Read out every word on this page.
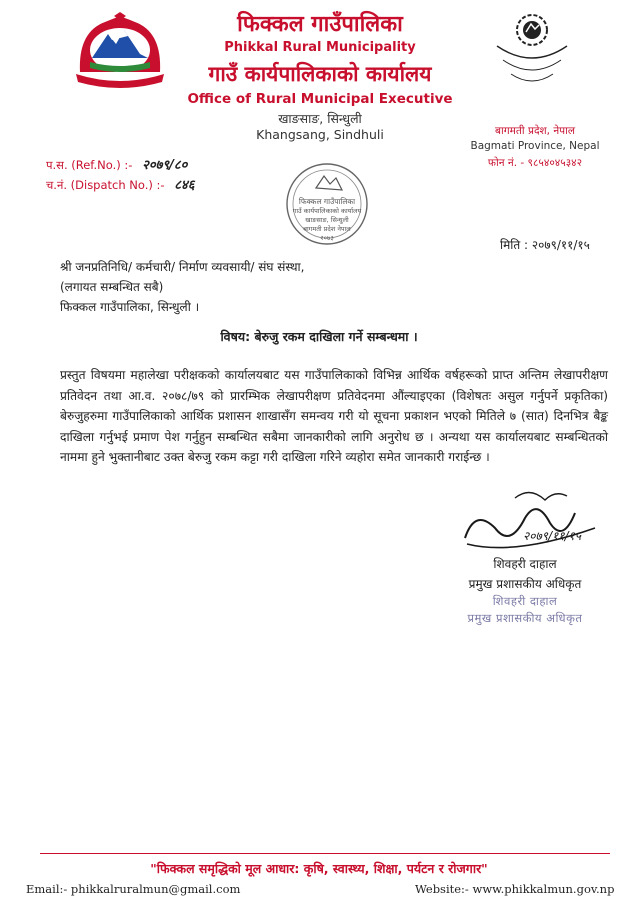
फिक्कल गाउँपालिका
Phikkal Rural Municipality
गाउँ कार्यपालिकाको कार्यालय
Office of Rural Municipal Executive
खाङसाङ, सिन्धुली
Khangsang, Sindhuli	बागमती प्रदेश, नेपाल
Bagmati Province, Nepal
फोन नं. - ९८५४०४५३४२
प.स. (Ref.No.) :- २०७९/८०
च.नं. (Dispatch No.) :- ८४६
फिक्कल गाउँपालिका
गाउँ कार्यपालिकाको कार्यालय
खाङसाङ, सिन्धुली
बागमती प्रदेश नेपाल
२०७३	मिति : २०७९/११/१५
श्री जनप्रतिनिधि/ कर्मचारी/ निर्माण व्यवसायी/ संघ संस्था,
(लगायत सम्बन्धित सबै)
फिक्कल गाउँपालिका, सिन्धुली ।
विषय: बेरुजु रकम दाखिला गर्ने सम्बन्धमा ।

प्रस्तुत विषयमा महालेखा परीक्षकको कार्यालयबाट यस गाउँपालिकाको विभिन्न आर्थिक वर्षहरूको प्राप्त अन्तिम लेखापरीक्षण प्रतिवेदन तथा आ.व. २०७८/७९ को प्रारम्भिक लेखापरीक्षण प्रतिवेदनमा औंल्याइएका (विशेषतः असुल गर्नुपर्ने प्रकृतिका) बेरुजुहरुमा गाउँपालिकाको आर्थिक प्रशासन शाखासँग समन्वय गरी यो सूचना प्रकाशन भएको मितिले ७ (सात) दिनभित्र बैङ्क दाखिला गर्नुभई प्रमाण पेश गर्नुहुन सम्बन्धित सबैमा जानकारीको लागि अनुरोध छ । अन्यथा यस कार्यालयबाट सम्बन्धितको नाममा हुने भुक्तानीबाट उक्त बेरुजु रकम कट्टा गरी दाखिला गरिने व्यहोरा समेत जानकारी गराईन्छ ।

२०७९/११/१५
शिवहरी दाहाल
प्रमुख प्रशासकीय अधिकृत
शिवहरी दाहाल
प्रमुख प्रशासकीय अधिकृत
"फिक्कल समृद्धिको मूल आधार: कृषि, स्वास्थ्य, शिक्षा, पर्यटन र रोजगार"
Email:- phikkalruralmun@gmail.com	Website:- www.phikkalmun.gov.np
